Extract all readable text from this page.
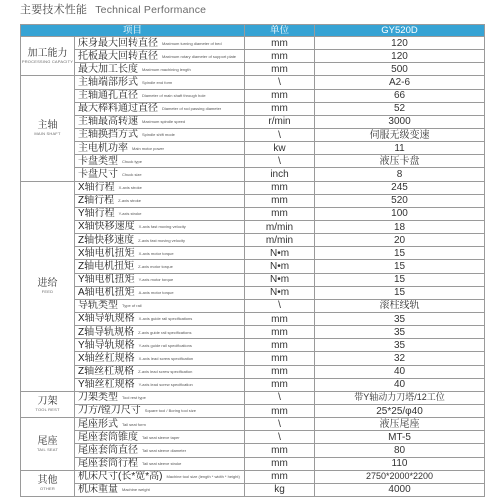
主要技术性能 Technical Performance
项目		单位	GY520D

加工能力
PROCESSING CAPACITY	床身最大回转直径 Maximum turning diameter of bed	mm	120
	托板最大回转直径 Maximum rotary diameter of support plate	mm	120
	最大加工长度 Maximum machining length	mm	500

主轴
MAIN SHAFT	主轴端部形式 Spindle end form	\	A2-6
	主轴通孔直径 Diameter of main shaft through hole	mm	66
	最大棒料通过直径 Diameter of rod passing diameter	mm	52
	主轴最高转速 Maximum spindle speed	r/min	3000
	主轴换挡方式 Spindle shift mode	\	伺服无级变速
	主电机功率 Main motor power	kw	11
	卡盘类型 Chuck type	\	液压卡盘
	卡盘尺寸 Chuck size	inch	8

进给
FEED	X轴行程 X-axis stroke	mm	245
	Z轴行程 Z-axis stroke	mm	520
	Y轴行程 Y-axis stroke	mm	100
	X轴快移速度 X-axis fast moving velocity	m/min	18
	Z轴快移速度 Z-axis fast moving velocity	m/min	20
	X轴电机扭矩 X-axis motor torque	N•m	15
	Z轴电机扭矩 Z-axis motor torque	N•m	15
	Y轴电机扭矩 Y-axis motor torque	N•m	15
	A轴电机扭矩 A-axis motor torque	N•m	15
	导轨类型 Type of rail	\	滚柱线轨
	X轴导轨规格 X-axis guide rail specifications	mm	35
	Z轴导轨规格 Z-axis guide rail specifications	mm	35
	Y轴导轨规格 Y-axis guide rail specifications	mm	35
	X轴丝杠规格 X-axis lead screw specification	mm	32
	Z轴丝杠规格 Z-axis lead screw specification	mm	40
	Y轴丝杠规格 Y-axis lead screw specification	mm	40

刀架
TOOL REST	刀架类型 Tool rest type	\	带Y轴动力刀塔/12工位
	刀方/镗刀尺寸 Square tool / Boring tool size	mm	25*25/φ40

尾座
TAIL SEAT	尾座形式 Tail seat form	\	液压尾座
	尾座套筒锥度 Tail seat sleeve taper	\	MT-5
	尾座套筒直径 Tail seat sleeve diameter	mm	80
	尾座套筒行程 Tail seat sleeve stroke	mm	110

其他
OTHER	机床尺寸(长*宽*高) Machine tool size (length * width * height)	mm	2750*2000*2200
	机床重量 Machine weight	kg	4000
